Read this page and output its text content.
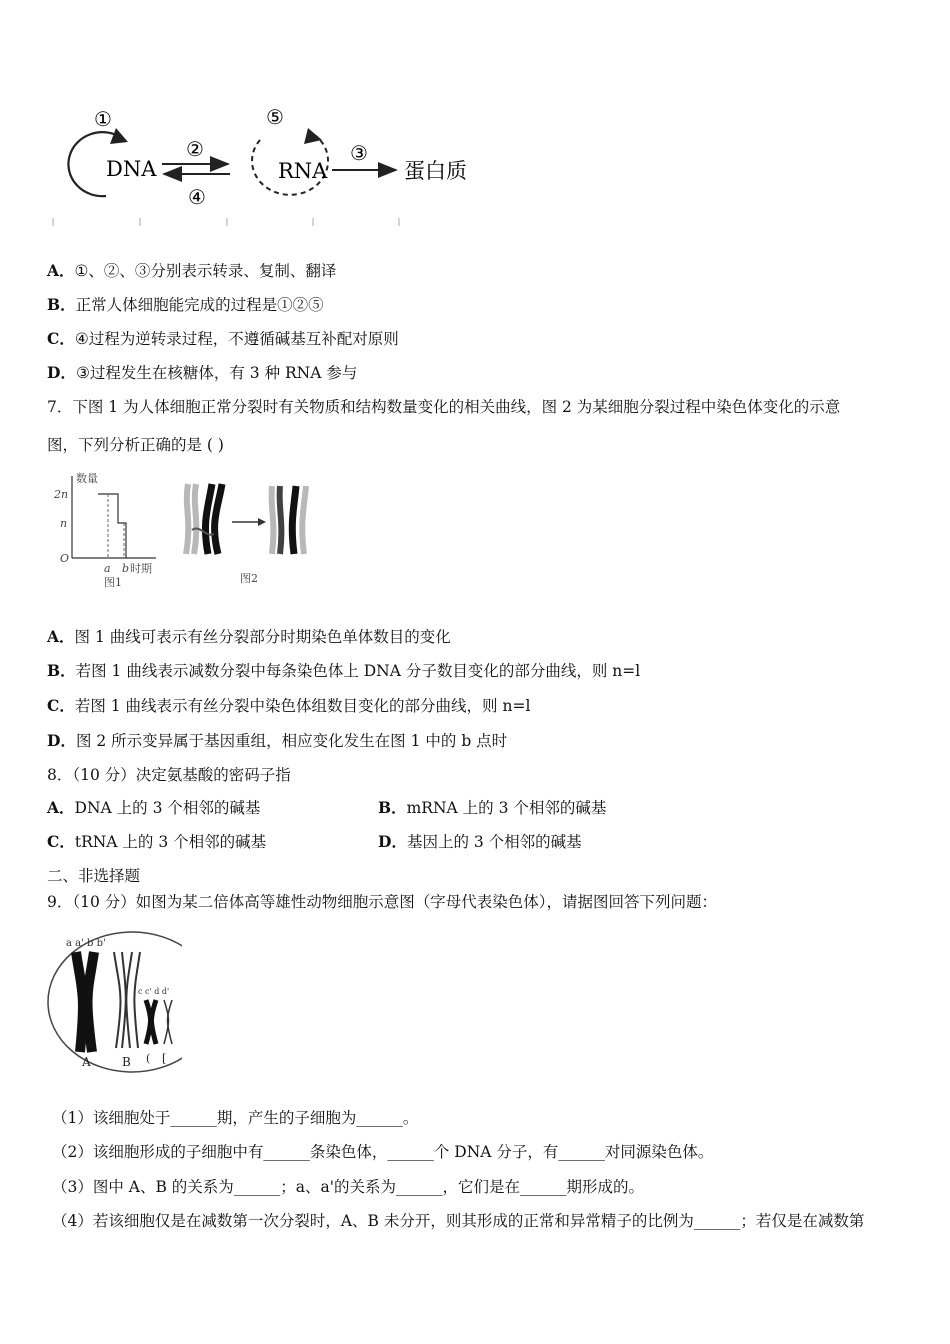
①
DNA
②
④
⑤
RNA
③
蛋白质
A．①、②、③分别表示转录、复制、翻译
B．正常人体细胞能完成的过程是①②⑤
C．④过程为逆转录过程，不遵循碱基互补配对原则
D．③过程发生在核糖体，有 3 种 RNA 参与
7．下图 1 为人体细胞正常分裂时有关物质和结构数量变化的相关曲线，图 2 为某细胞分裂过程中染色体变化的示意
图，下列分析正确的是 ( )
数量
2n
n
O
a b 时期
图1	图2
A．图 1 曲线可表示有丝分裂部分时期染色单体数目的变化
B．若图 1 曲线表示减数分裂中每条染色体上 DNA 分子数目变化的部分曲线，则 n=l
C．若图 1 曲线表示有丝分裂中染色体组数目变化的部分曲线，则 n=l
D．图 2 所示变异属于基因重组，相应变化发生在图 1 中的 b 点时
8．（10 分）决定氨基酸的密码子指
A．DNA 上的 3 个相邻的碱基	B．mRNA 上的 3 个相邻的碱基
C．tRNA 上的 3 个相邻的碱基	D．基因上的 3 个相邻的碱基
二、非选择题
9．（10 分）如图为某二倍体高等雄性动物细胞示意图（字母代表染色体），请据图回答下列问题：
a a' b b'
c c' d d'
A	B ( [
（1）该细胞处于______期，产生的子细胞为______。
（2）该细胞形成的子细胞中有______条染色体，______个 DNA 分子，有______对同源染色体。
（3）图中 A、B 的关系为______；a、a'的关系为______，它们是在______期形成的。
（4）若该细胞仅是在减数第一次分裂时，A、B 未分开，则其形成的正常和异常精子的比例为______；若仅是在减数第
